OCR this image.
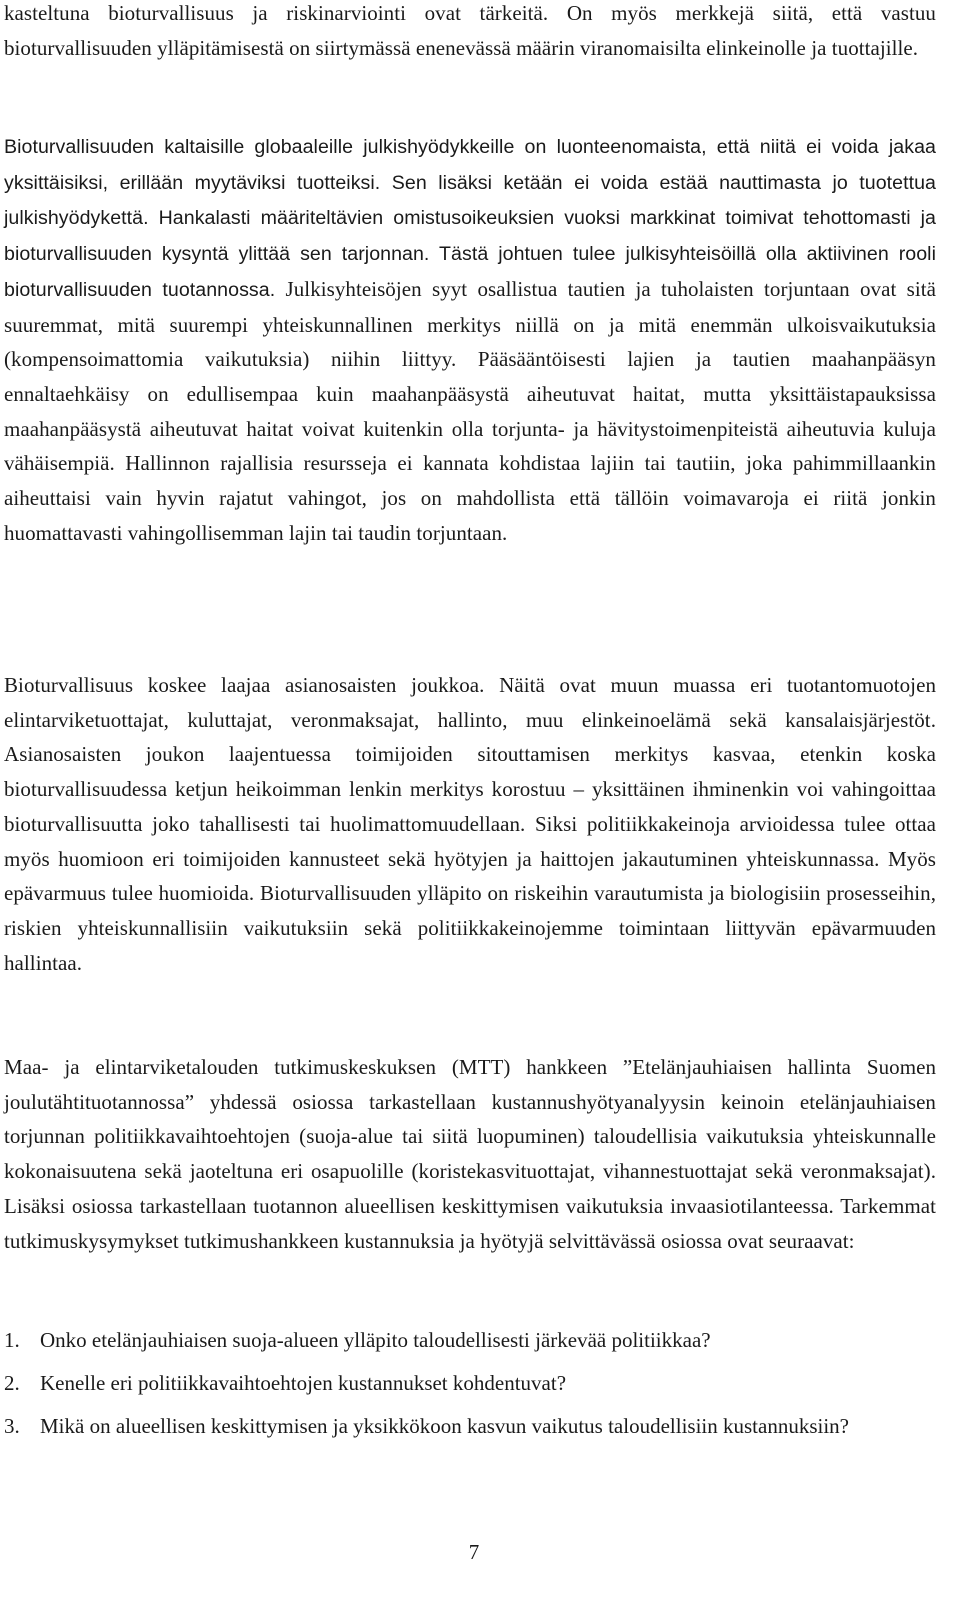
kasteltuna bioturvallisuus ja riskinarviointi ovat tärkeitä. On myös merkkejä siitä, että vastuu bioturvallisuuden ylläpitämisestä on siirtymässä enenevässä määrin viranomaisilta elinkeinolle ja tuottajille.

Bioturvallisuuden kaltaisille globaaleille julkishyödykkeille on luonteenomaista, että niitä ei voida jakaa yksittäisiksi, erillään myytäviksi tuotteiksi. Sen lisäksi ketään ei voida estää nauttimasta jo tuotettua julkishyödykettä. Hankalasti määriteltävien omistusoikeuksien vuoksi markkinat toimivat tehottomasti ja bioturvallisuuden kysyntä ylittää sen tarjonnan. Tästä johtuen tulee julkisyhteisöillä olla aktiivinen rooli bioturvallisuuden tuotannossa. Julkisyhteisöjen syyt osallistua tautien ja tuholaisten torjuntaan ovat sitä suuremmat, mitä suurempi yhteiskunnallinen merkitys niillä on ja mitä enemmän ulkoisvaikutuksia (kompensoimattomia vaikutuksia) niihin liittyy. Pääsääntöisesti lajien ja tautien maahanpääsyn ennaltaehkäisy on edullisempaa kuin maahanpääsystä aiheutuvat haitat, mutta yksittäistapauksissa maahanpääsystä aiheutuvat haitat voivat kuitenkin olla torjunta- ja hävitystoimenpiteistä aiheutuvia kuluja vähäisempiä. Hallinnon rajallisia resursseja ei kannata kohdistaa lajiin tai tautiin, joka pahimmillaankin aiheuttaisi vain hyvin rajatut vahingot, jos on mahdollista että tällöin voimavaroja ei riitä jonkin huomattavasti vahingollisemman lajin tai taudin torjuntaan.

Bioturvallisuus koskee laajaa asianosaisten joukkoa. Näitä ovat muun muassa eri tuotantomuotojen elintarviketuottajat, kuluttajat, veronmaksajat, hallinto, muu elinkeinoelämä sekä kansalaisjärjestöt. Asianosaisten joukon laajentuessa toimijoiden sitouttamisen merkitys kasvaa, etenkin koska bioturvallisuudessa ketjun heikoimman lenkin merkitys korostuu – yksittäinen ihminenkin voi vahingoittaa bioturvallisuutta joko tahallisesti tai huolimattomuudellaan. Siksi politiikkakeinoja arvioidessa tulee ottaa myös huomioon eri toimijoiden kannusteet sekä hyötyjen ja haittojen jakautuminen yhteiskunnassa. Myös epävarmuus tulee huomioida. Bioturvallisuuden ylläpito on riskeihin varautumista ja biologisiin prosesseihin, riskien yhteiskunnallisiin vaikutuksiin sekä politiikkakeinojemme toimintaan liittyvän epävarmuuden hallintaa.

Maa- ja elintarviketalouden tutkimuskeskuksen (MTT) hankkeen ”Etelänjauhiaisen hallinta Suomen joulutähtituotannossa” yhdessä osiossa tarkastellaan kustannushyötyanalyysin keinoin etelänjauhiaisen torjunnan politiikkavaihtoehtojen (suoja-alue tai siitä luopuminen) taloudellisia vaikutuksia yhteiskunnalle kokonaisuutena sekä jaoteltuna eri osapuolille (koristekasvituottajat, vihannestuottajat sekä veronmaksajat). Lisäksi osiossa tarkastellaan tuotannon alueellisen keskittymisen vaikutuksia invaasiotilanteessa. Tarkemmat tutkimuskysymykset tutkimushankkeen kustannuksia ja hyötyjä selvittävässä osiossa ovat seuraavat:

1. Onko etelänjauhiaisen suoja-alueen ylläpito taloudellisesti järkevää politiikkaa?
2. Kenelle eri politiikkavaihtoehtojen kustannukset kohdentuvat?
3. Mikä on alueellisen keskittymisen ja yksikkökoon kasvun vaikutus taloudellisiin kustannuksiin?
7
